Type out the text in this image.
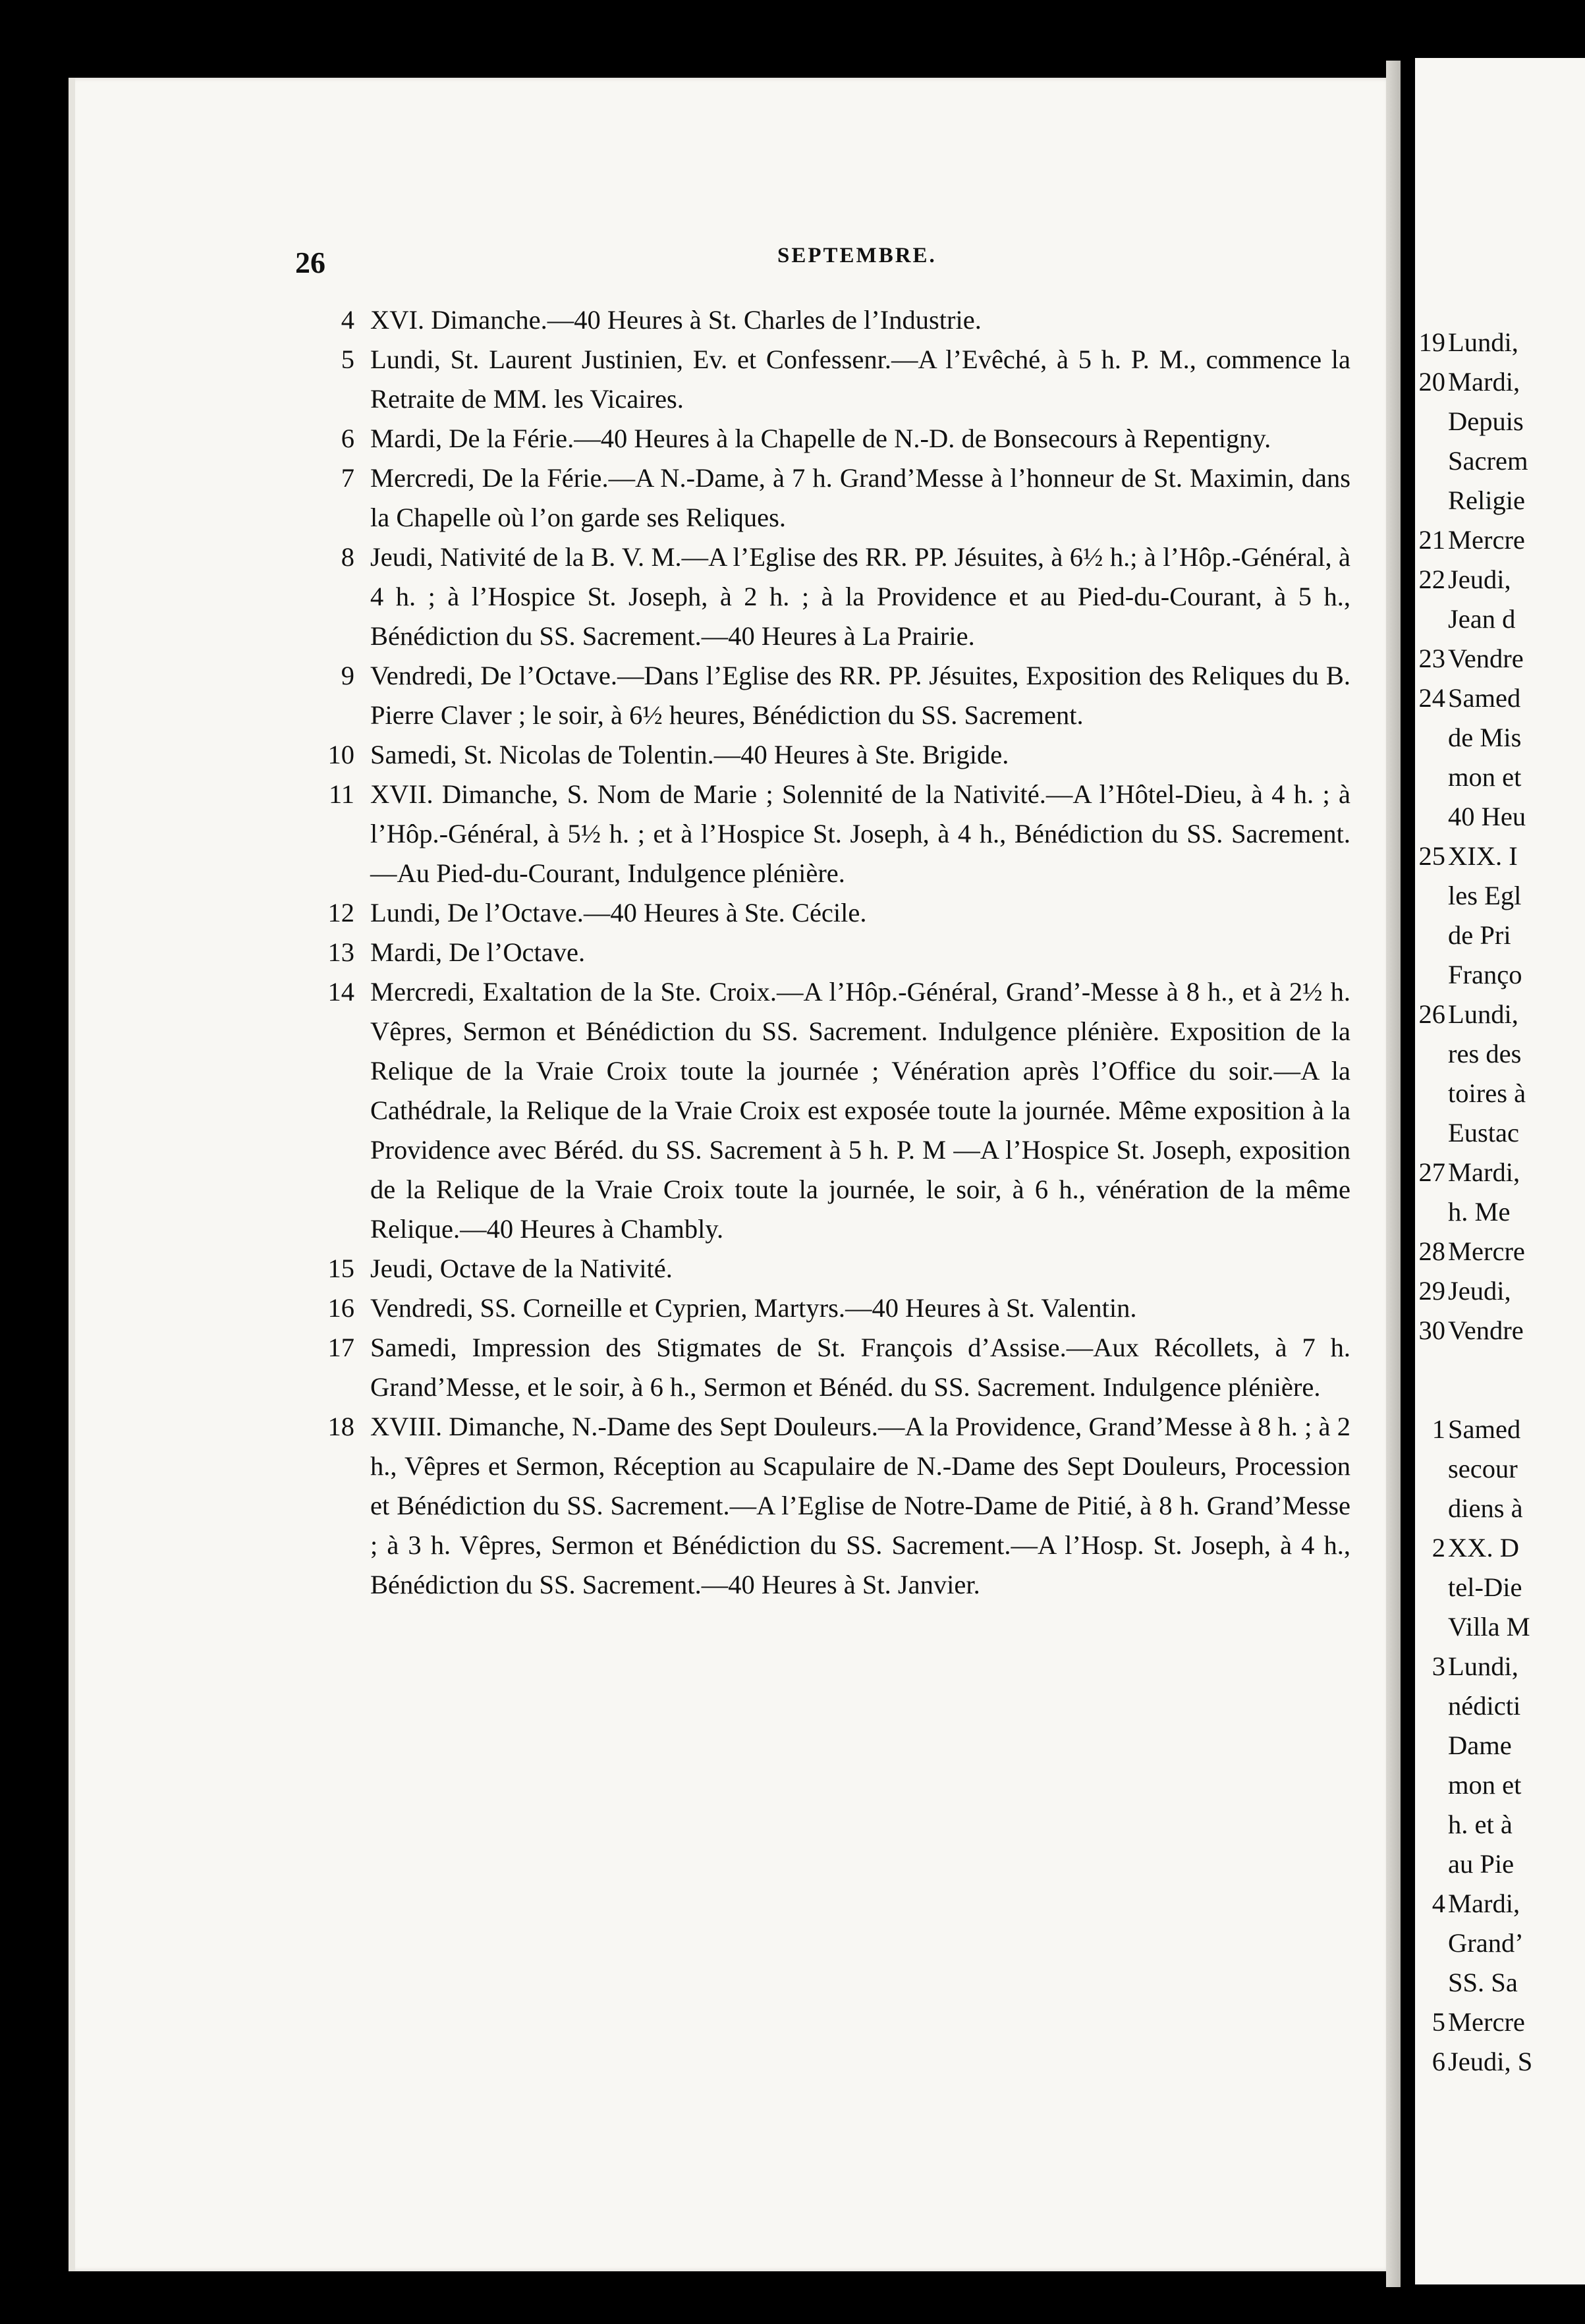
26	SEPTEMBRE.
4 XVI. Dimanche.—40 Heures à St. Charles de l’Industrie.
5 Lundi, St. Laurent Justinien, Ev. et Confessenr.—A l’Evêché, à 5 h. P. M., commence la Retraite de MM. les Vicaires.
6 Mardi, De la Férie.—40 Heures à la Chapelle de N.-D. de Bonsecours à Repentigny.
7 Mercredi, De la Férie.—A N.-Dame, à 7 h. Grand’Messe à l’honneur de St. Maximin, dans la Chapelle où l’on garde ses Reliques.
8 Jeudi, Nativité de la B. V. M.—A l’Eglise des RR. PP. Jésuites, à 6½ h.; à l’Hôp.-Général, à 4 h. ; à l’Hospice St. Joseph, à 2 h. ; à la Providence et au Pied-du-Courant, à 5 h., Bénédiction du SS. Sacrement.—40 Heures à La Prairie.
9 Vendredi, De l’Octave.—Dans l’Eglise des RR. PP. Jésuites, Exposition des Reliques du B. Pierre Claver ; le soir, à 6½ heures, Bénédiction du SS. Sacrement.
10 Samedi, St. Nicolas de Tolentin.—40 Heures à Ste. Brigide.
11 XVII. Dimanche, S. Nom de Marie ; Solennité de la Nativité.—A l’Hôtel-Dieu, à 4 h. ; à l’Hôp.-Général, à 5½ h. ; et à l’Hospice St. Joseph, à 4 h., Bénédiction du SS. Sacrement.—Au Pied-du-Courant, Indulgence plénière.
12 Lundi, De l’Octave.—40 Heures à Ste. Cécile.
13 Mardi, De l’Octave.
14 Mercredi, Exaltation de la Ste. Croix.—A l’Hôp.-Général, Grand’-Messe à 8 h., et à 2½ h. Vêpres, Sermon et Bénédiction du SS. Sacrement. Indulgence plénière. Exposition de la Relique de la Vraie Croix toute la journée ; Vénération après l’Office du soir.—A la Cathédrale, la Relique de la Vraie Croix est exposée toute la journée. Même exposition à la Providence avec Béréd. du SS. Sacrement à 5 h. P. M —A l’Hospice St. Joseph, exposition de la Relique de la Vraie Croix toute la journée, le soir, à 6 h., vénération de la même Relique.—40 Heures à Chambly.
15 Jeudi, Octave de la Nativité.
16 Vendredi, SS. Corneille et Cyprien, Martyrs.—40 Heures à St. Valentin.
17 Samedi, Impression des Stigmates de St. François d’Assise.—Aux Récollets, à 7 h. Grand’Messe, et le soir, à 6 h., Sermon et Bénéd. du SS. Sacrement. Indulgence plénière.
18 XVIII. Dimanche, N.-Dame des Sept Douleurs.—A la Providence, Grand’Messe à 8 h. ; à 2 h., Vêpres et Sermon, Réception au Scapulaire de N.-Dame des Sept Douleurs, Procession et Bénédiction du SS. Sacrement.—A l’Eglise de Notre-Dame de Pitié, à 8 h. Grand’Messe ; à 3 h. Vêpres, Sermon et Bénédiction du SS. Sacrement.—A l’Hosp. St. Joseph, à 4 h., Bénédiction du SS. Sacrement.—40 Heures à St. Janvier.
19 Lundi,
20 Mardi,
Depuis
Sacrem
Religie
21 Mercre
22 Jeudi,
Jean d
23 Vendre
24 Samed
de Mis
mon et
40 Heu
25 XIX. I
les Egl
de Pri
Franço
26 Lundi,
res des
toires à
Eustac
27 Mardi,
h. Me
28 Mercre
29 Jeudi,
30 Vendre
1 Samed
secour
diens à
2 XX. D
tel-Die
Villa M
3 Lundi,
nédicti
Dame
mon et
h. et à
au Pie
4 Mardi,
Grand’
SS. Sa
5 Mercre
6 Jeudi, S
